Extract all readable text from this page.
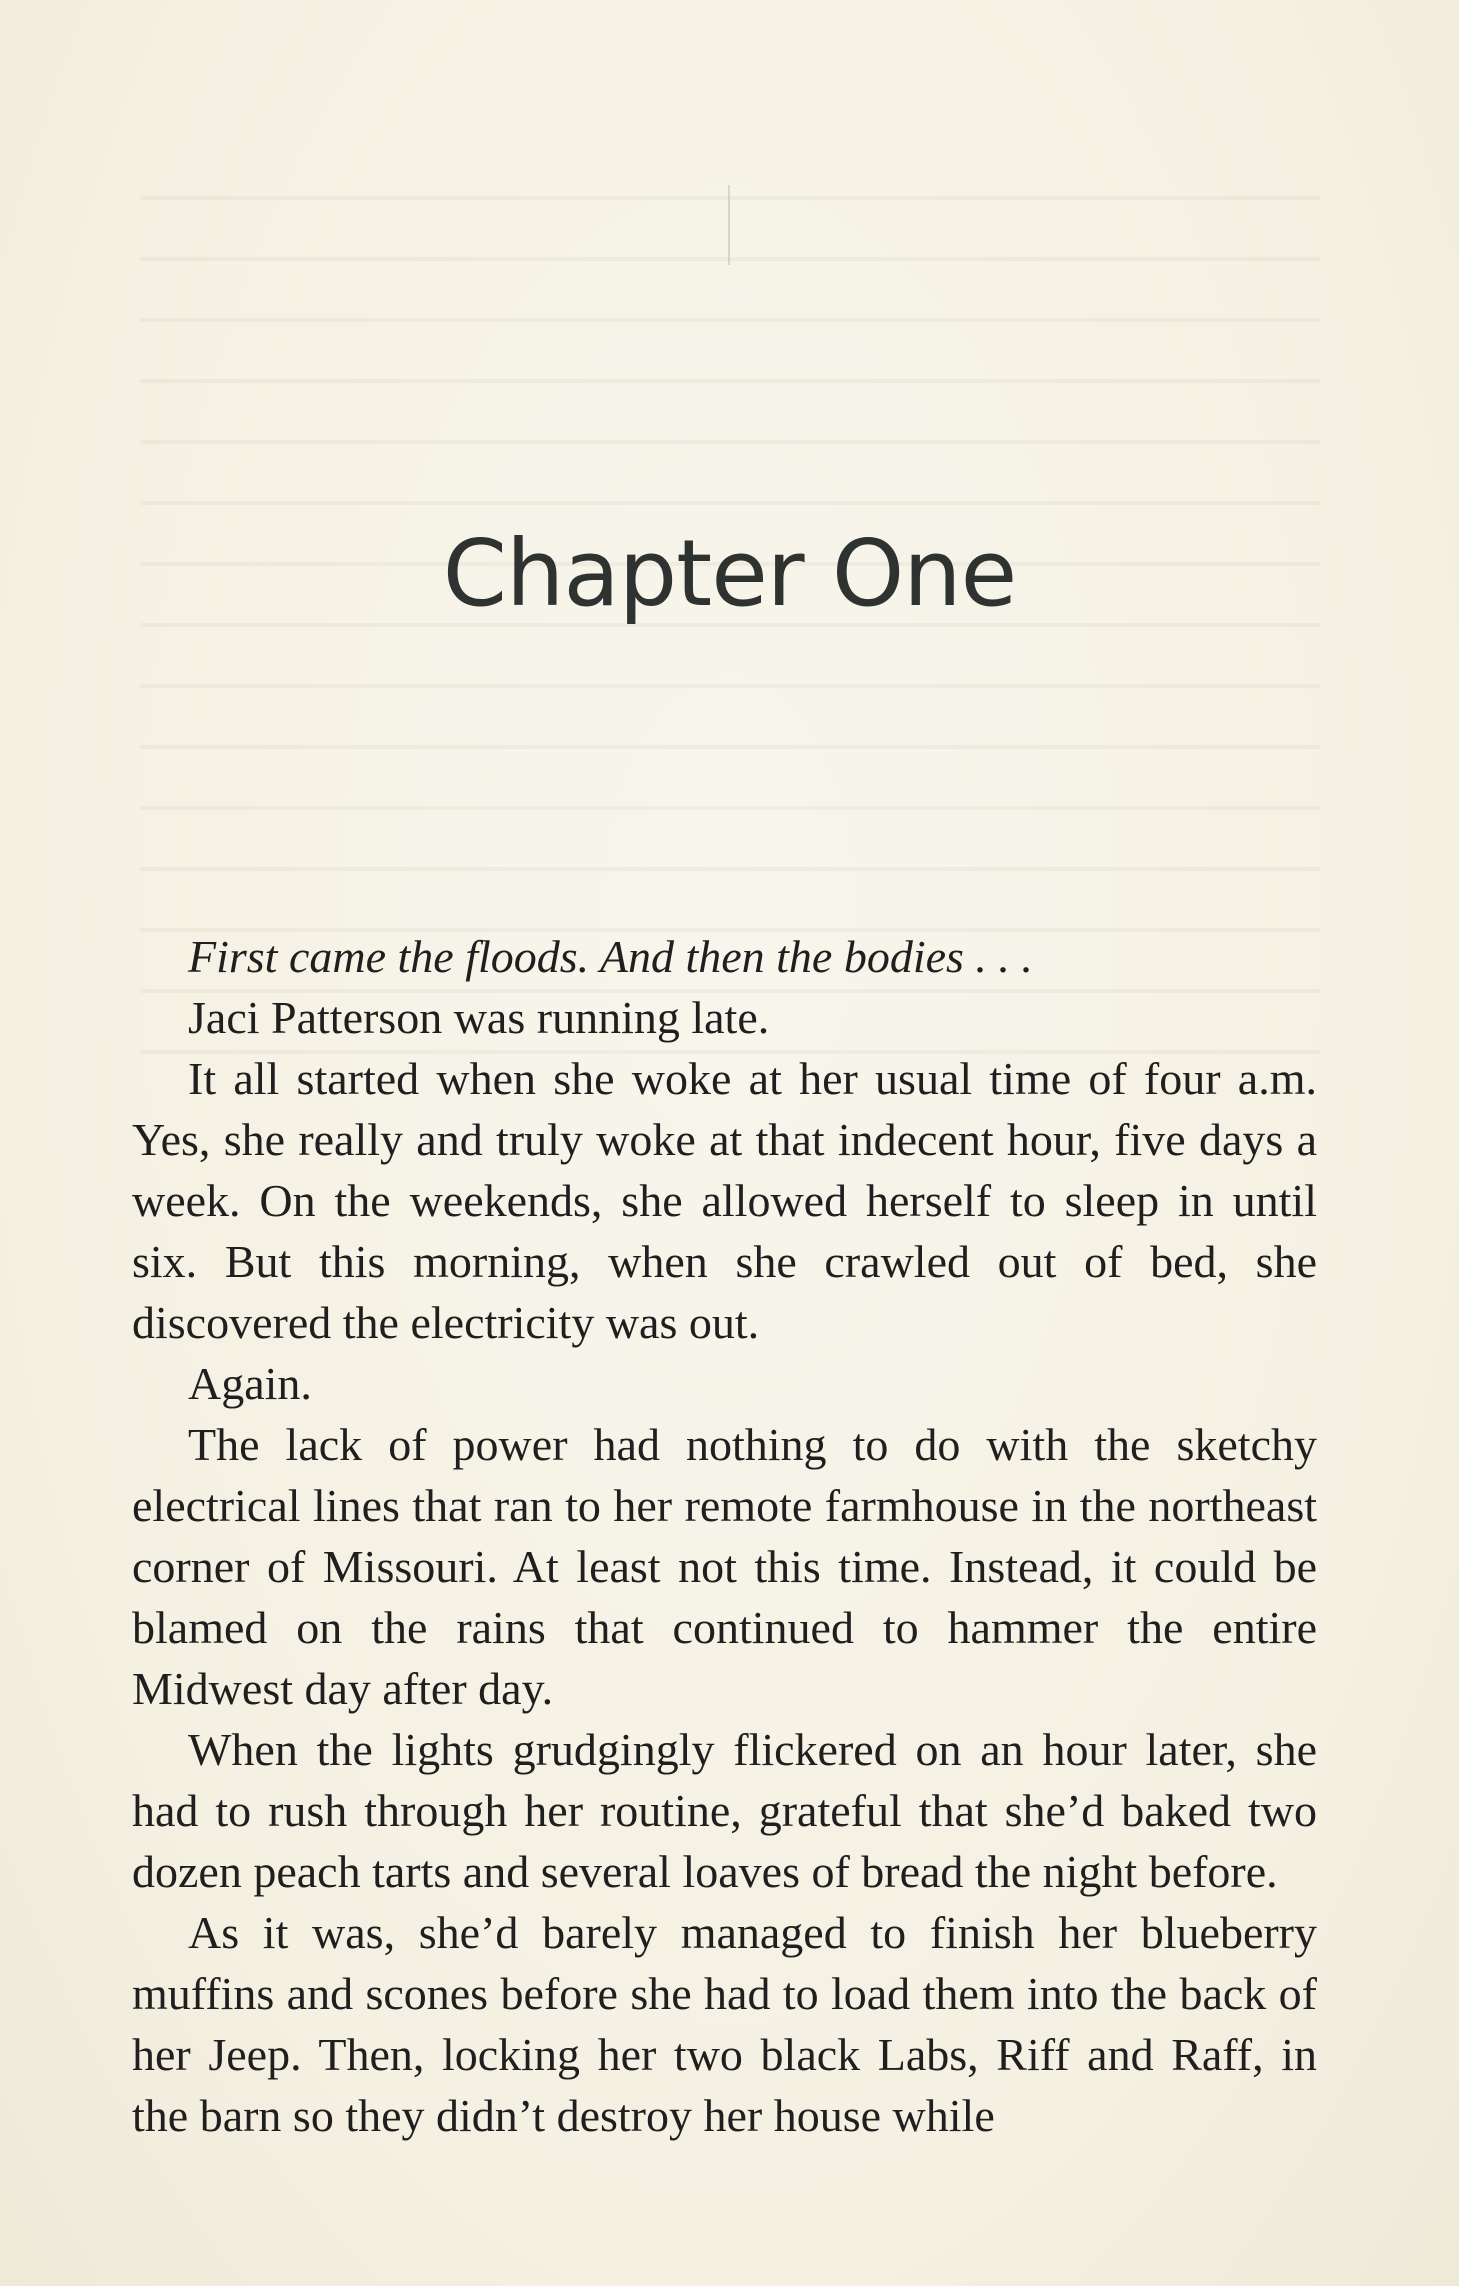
Chapter One

First came the floods. And then the bodies . . .

Jaci Patterson was running late.

It all started when she woke at her usual time of four a.m. Yes, she really and truly woke at that indecent hour, five days a week. On the weekends, she allowed herself to sleep in until six. But this morning, when she crawled out of bed, she discovered the electricity was out.

Again.

The lack of power had nothing to do with the sketchy electrical lines that ran to her remote farmhouse in the northeast corner of Missouri. At least not this time. Instead, it could be blamed on the rains that continued to hammer the entire Midwest day after day.

When the lights grudgingly flickered on an hour later, she had to rush through her routine, grateful that she’d baked two dozen peach tarts and several loaves of bread the night before.

As it was, she’d barely managed to finish her blueberry muffins and scones before she had to load them into the back of her Jeep. Then, locking her two black Labs, Riff and Raff, in the barn so they didn’t destroy her house while
